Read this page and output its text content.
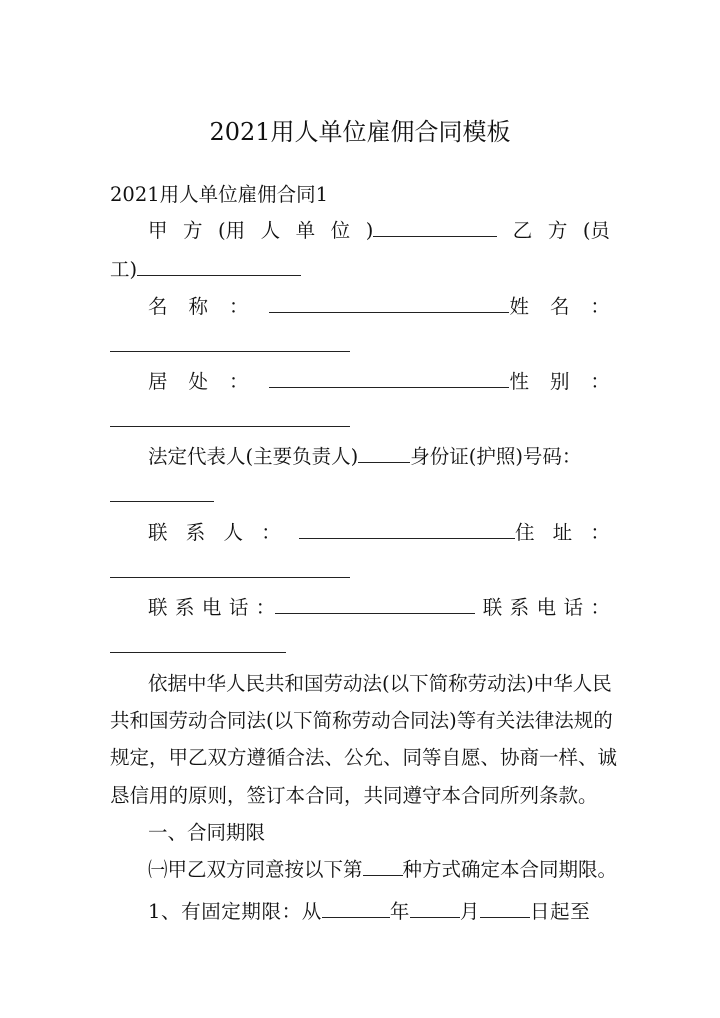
2021用人单位雇佣合同模板
2021用人单位雇佣合同1
甲 方 (用 人 单 位 )	乙 方 (员
工)
名 称 ：	姓 名 ：
居 处 ：	性 别 ：
法定代表人(主要负责人)	身份证(护照)号码：
联 系 人 ：	住 址 ：
联 系 电 话 ：	联 系 电 话 ：
依据中华人民共和国劳动法(以下简称劳动法)中华人民
共和国劳动合同法(以下简称劳动合同法)等有关法律法规的
规定，甲乙双方遵循合法、公允、同等自愿、协商一样、诚
恳信用的原则，签订本合同，共同遵守本合同所列条款。
一、合同期限
㈠甲乙双方同意按以下第 种方式确定本合同期限。
1、有固定期限：从	年	月	日起至
